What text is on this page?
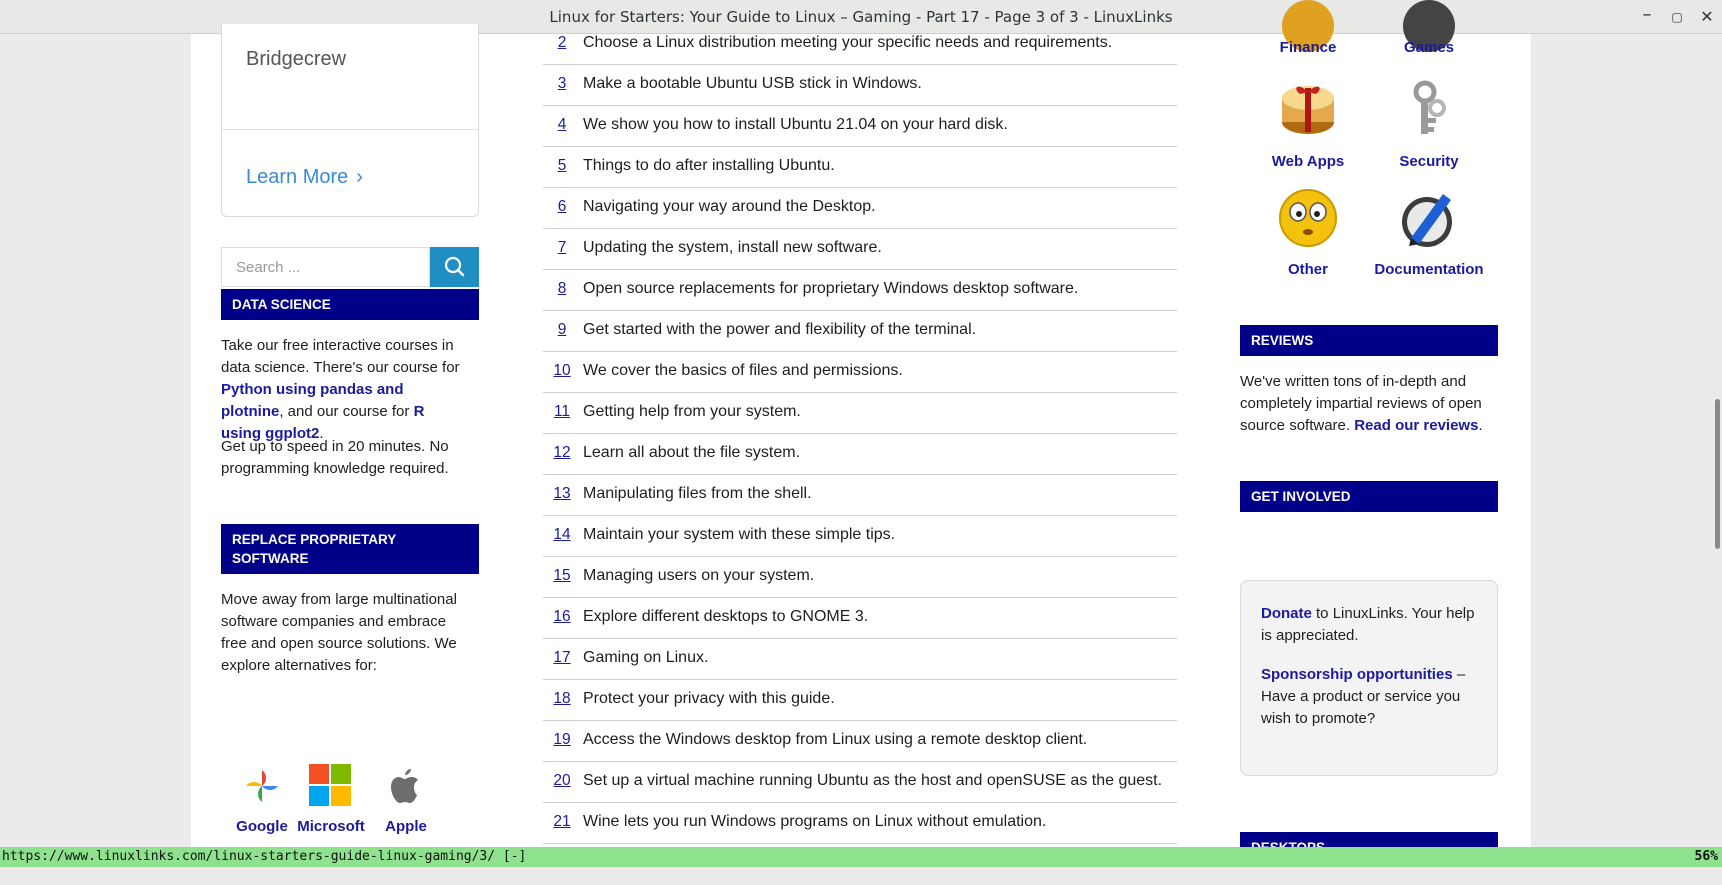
Linux for Starters: Your Guide to Linux – Gaming - Part 17 - Page 3 of 3 - LinuxLinks	–	▢	✕
Bridgecrew
Learn More ›
Search ...
DATA SCIENCE
Take our free interactive courses in data science. There's our course for Python using pandas and plotnine, and our course for R using ggplot2.
Get up to speed in 20 minutes. No programming knowledge required.
REPLACE PROPRIETARY SOFTWARE
Move away from large multinational software companies and embrace free and open source solutions. We explore alternatives for:
Google Microsoft	Apple
2	Choose a Linux distribution meeting your specific needs and requirements.
3	Make a bootable Ubuntu USB stick in Windows.
4	We show you how to install Ubuntu 21.04 on your hard disk.
5	Things to do after installing Ubuntu.
6	Navigating your way around the Desktop.
7	Updating the system, install new software.
8	Open source replacements for proprietary Windows desktop software.
9	Get started with the power and flexibility of the terminal.
10 We cover the basics of files and permissions.
11 Getting help from your system.
12 Learn all about the file system.
13 Manipulating files from the shell.
14 Maintain your system with these simple tips.
15 Managing users on your system.
16 Explore different desktops to GNOME 3.
17 Gaming on Linux.
18 Protect your privacy with this guide.
19 Access the Windows desktop from Linux using a remote desktop client.
20 Set up a virtual machine running Ubuntu as the host and openSUSE as the guest.
21 Wine lets you run Windows programs on Linux without emulation.
Finance	Games
Web Apps	Security
Other	Documentation
REVIEWS
We've written tons of in-depth and completely impartial reviews of open source software. Read our reviews.
GET INVOLVED
Donate to LinuxLinks. Your help is appreciated.
Sponsorship opportunities – Have a product or service you wish to promote?
https://www.linuxlinks.com/linux-starters-guide-linux-gaming/3/ [-]	56%
